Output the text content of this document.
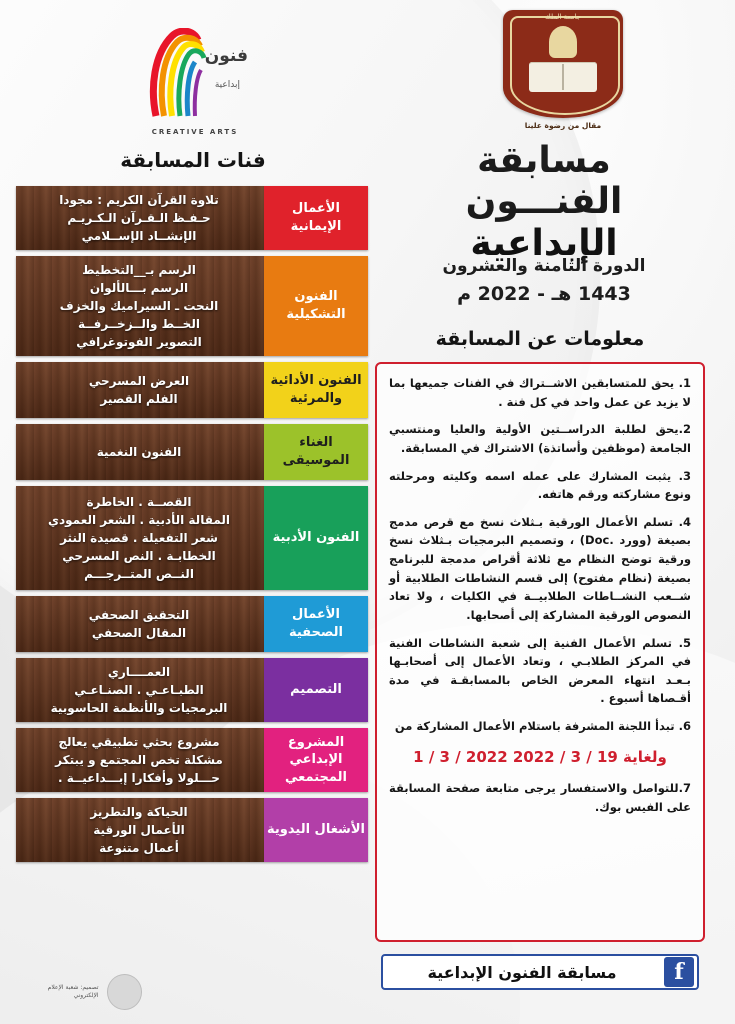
فنون
إبداعية
CREATIVE ARTS
جامعة الملك
مقال من رضوة علينا
مسابقة
الفنـــون
الإبداعية
الدورة الثامنة والعشرون
1443 هـ - 2022 م
معلومات عن المسابقة

1. يحق للمتسابقين الاشــتراك في الفنات جميعها بما لا يزيد عن عمل واحد في كل فنة .

2.يحق لطلبة الدراســتين الأولية والعليا ومنتسبي الجامعة (موظفين وأساتذة) الاشتراك في المسابقة.

3. يثبت المشارك على عمله اسمه وكليته ومرحلته ونوع مشاركته ورقم هاتفه.

4. تسلم الأعمال الورقية بـثلاث نسخ مع قرص مدمج بصيغة (وورد .Doc) ، وتصميم البرمجيات بـثلاث نسخ ورقية توضح النظام مع ثلاثة أقراص مدمجة للبرنامج بصيغة (نظام مفتوح) إلى قسم النشاطات الطلابية أو شــعب النشــاطات الطلابيــة في الكليات ، ولا تعاد النصوص الورقية المشاركة إلى أصحابها.

5. تسلم الأعمال الفنية إلى شعبة النشاطات الفنية في المركز الطلابـي ، وتعاد الأعمال إلى أصحابـها بـعـد انتهاء المعرض الخاص بالمسابقـة في مدة أقـصاها أسبوع .

6. تبدأ اللجنة المشرفة باستلام الأعمال المشاركة من

1 / 3 / 2022 ولغاية 19 / 3 / 2022

7.للتواصل والاستفسار يرجى متابعة صفحة المسابقة على الفيس بوك.

مسابقة الفنون الإبداعية	f
فنات المسابقة
الأعمال الإيمانية
تلاوة القرآن الكريم : مجودا
حـفـظ الـقـرآن الـكـريـم
الإنشــاد الإســلامي
الفنون التشكيلية
الرسم بـ__التخطيط
الرسم بـــالألوان
النحت ـ السيراميك والخزف
الخــط والــزخــرفــة
التصوير الفوتوغرافي
الفنون الأدائية والمرئية
العرض المسرحي
الفلم القصير
الغناء الموسيقى
الفنون النغمية
الفنون الأدبية
القصــة . الخاطرة
المقالة الأدبية . الشعر العمودي
شعر التفعيلة . قصيدة النثر
الخطابـة . النص المسرحي
النــص المتــرجـــم
الأعمال الصحفية
التحقيق الصحفي
المقال الصحفي
التصميم
العمــــاري
الطبـاعـي . الصنـاعـي
البرمجيات والأنظمة الحاسوبية
المشروع الإبداعي المجتمعي
مشروع بحثي تطبيقي يعالج
مشكلة تخص المجتمع و يبتكر
حـــلولا وأفكارا إبـــداعيــة .
الأشغال اليدوية
الحياكة والتطريز
الأعمال الورقية
أعمال متنوعة
تصميم: شعبة الإعلام الإلكتروني
